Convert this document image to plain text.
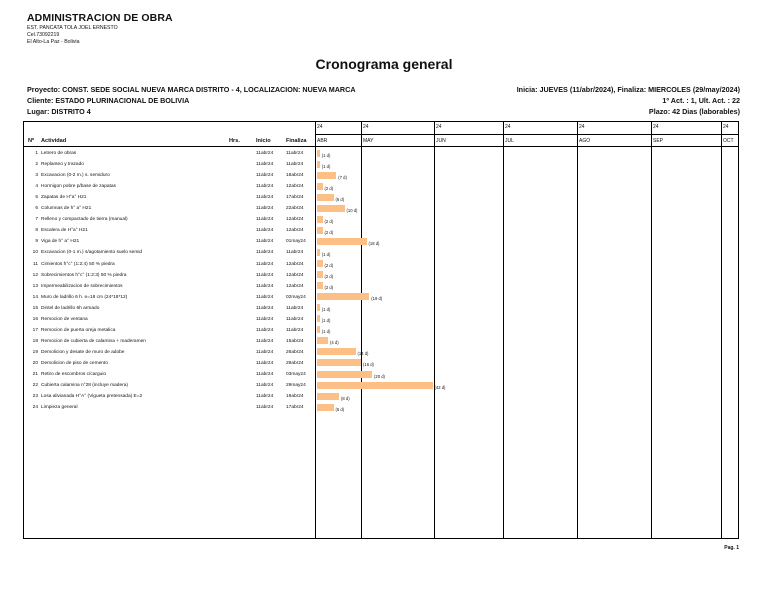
ADMINISTRACION DE OBRA
EST. PANCATA TOLA JOEL ERNESTO
Cel.73092219
El Alto-La Paz - Bolivia
Cronograma general
Proyecto: CONST. SEDE SOCIAL NUEVA MARCA DISTRITO - 4, LOCALIZACION: NUEVA MARCA
Cliente: ESTADO PLURINACIONAL DE BOLIVIA
Lugar: DISTRITO 4
Inicia: JUEVES (11/abr/2024), Finaliza: MIERCOLES (29/may/2024)
1º Act. : 1, Ult. Act. : 22
Plazo: 42 Dias (laborables)
Nº Actividad	Hrs.	Inicio	Finaliza
24
ABR
24
MAY
24
JUN
24
JUL
24
AGO
24
SEP
24
OCT
1 Letrero de obras	11abr24	11abr24	(1 d)
2 Replanteo y trazado	11abr24	11abr24	(1 d)
3 Excavacion (0-2 m.) s. semiduro	11abr24	18abr24	(7 d)
4 Hormigon pobre p/base de zapatas	11abr24	12abr24	(2 d)
5 Zapatas de H°a° H21	11abr24	17abr24	(6 d)
6 Columnas de h° a° H21	11abr24	22abr24	(10 d)
7 Relleno y compactado de tierra (manual)	11abr24	12abr24	(2 d)
8 Escalera de H°a° H21	11abr24	12abr24	(2 d)
9 Viga de h° a° H21	11abr24	01may24	(18 d)
10 Excavacion (0-1 m.) s/agotamiento suelo semid	11abr24	11abr24	(1 d)
11 Cimientos h°c° (1:2:4) 50 % piedra	11abr24	12abr24	(2 d)
12 Sobrecimientos h°c° (1:2:3) 50 % piedra	11abr24	12abr24	(2 d)
13 Impermeabilizacion de sobrecimientos	11abr24	12abr24	(2 d)
14 Muro de ladrillo 6 h. e=18 cm (24*18*12)	11abr24	02may24	(19 d)
15 Dintel de ladrillo 6h armado	11abr24	11abr24	(1 d)
16 Remocion de ventana	11abr24	11abr24	(1 d)
17 Remocion de puerta oreja metalica	11abr24	11abr24	(1 d)
18 Remocion de cubierta de calamina + maderamen	11abr24	15abr24	(4 d)
19 Demolicion y desate de muro de adobe	11abr24	26abr24	(14 d)
20 Demolicion de piso de cemento	11abr24	29abr24	(16 d)
21 Retiro de escombros c/carguio	11abr24	03may24	(20 d)
22 Cubierta calamina n°28 (incluye madera)	11abr24	29may24	(42 d)
23 Losa alivianada H°A° (Vigueta pretensada) E=2	11abr24	19abr24	(8 d)
24 Limpieza general	11abr24	17abr24	(6 d)
Pag. 1
